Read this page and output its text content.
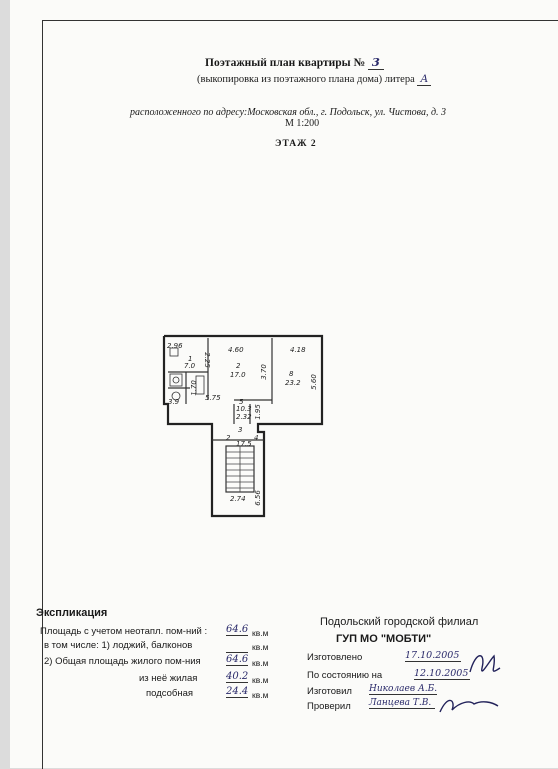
Поэтажный план квартиры № 3
(выкопировка из поэтажного плана дома) литера А
расположенного по адресу:Московская обл., г. Подольск, ул. Чистова, д. 3
М 1:200
ЭТАЖ 2
2.96	4.60	4.18
1
7.0 2.25	2
17.0 3.70	8
23.2 5.60
1.70
3.9	5.75	5
10.3
2.32 1.95
3
2	4
17.5
2.74 6.56
Экспликация
Площадь с учетом неотапл. пом-ний : 64.6 кв.м
в том числе: 1) лоджий, балконов	кв.м
2) Общая площадь жилого пом-ния	64.6 кв.м
из неё жилая	40.2 кв.м
подсобная	24.4 кв.м
Подольский городской филиал
ГУП МО "МОБТИ"
Изготовлено	17.10.2005
По состоянию на	12.10.2005
Изготовил Николаев А.Б.
Проверил Ланцева Т.В.
